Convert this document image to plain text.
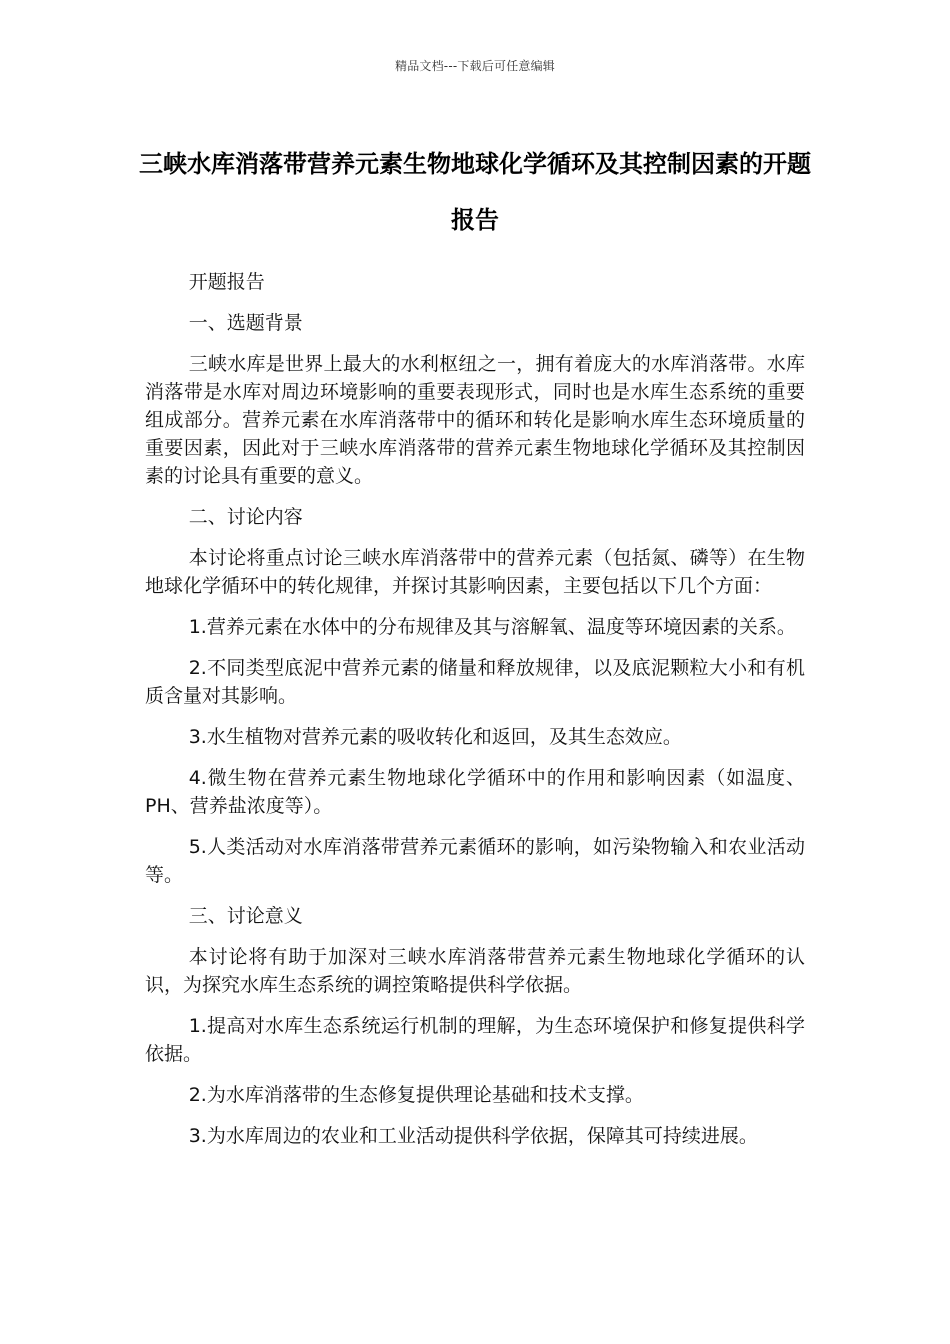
精品文档---下载后可任意编辑
三峡水库消落带营养元素生物地球化学循环及其控制因素的开题报告

开题报告

一、选题背景

三峡水库是世界上最大的水利枢纽之一，拥有着庞大的水库消落带。水库消落带是水库对周边环境影响的重要表现形式，同时也是水库生态系统的重要组成部分。营养元素在水库消落带中的循环和转化是影响水库生态环境质量的重要因素，因此对于三峡水库消落带的营养元素生物地球化学循环及其控制因素的讨论具有重要的意义。

二、讨论内容

本讨论将重点讨论三峡水库消落带中的营养元素（包括氮、磷等）在生物地球化学循环中的转化规律，并探讨其影响因素，主要包括以下几个方面：

1.营养元素在水体中的分布规律及其与溶解氧、温度等环境因素的关系。

2.不同类型底泥中营养元素的储量和释放规律，以及底泥颗粒大小和有机质含量对其影响。

3.水生植物对营养元素的吸收转化和返回，及其生态效应。

4.微生物在营养元素生物地球化学循环中的作用和影响因素（如温度、PH、营养盐浓度等）。

5.人类活动对水库消落带营养元素循环的影响，如污染物输入和农业活动等。

三、讨论意义

本讨论将有助于加深对三峡水库消落带营养元素生物地球化学循环的认识，为探究水库生态系统的调控策略提供科学依据。

1.提高对水库生态系统运行机制的理解，为生态环境保护和修复提供科学依据。

2.为水库消落带的生态修复提供理论基础和技术支撑。

3.为水库周边的农业和工业活动提供科学依据，保障其可持续进展。
